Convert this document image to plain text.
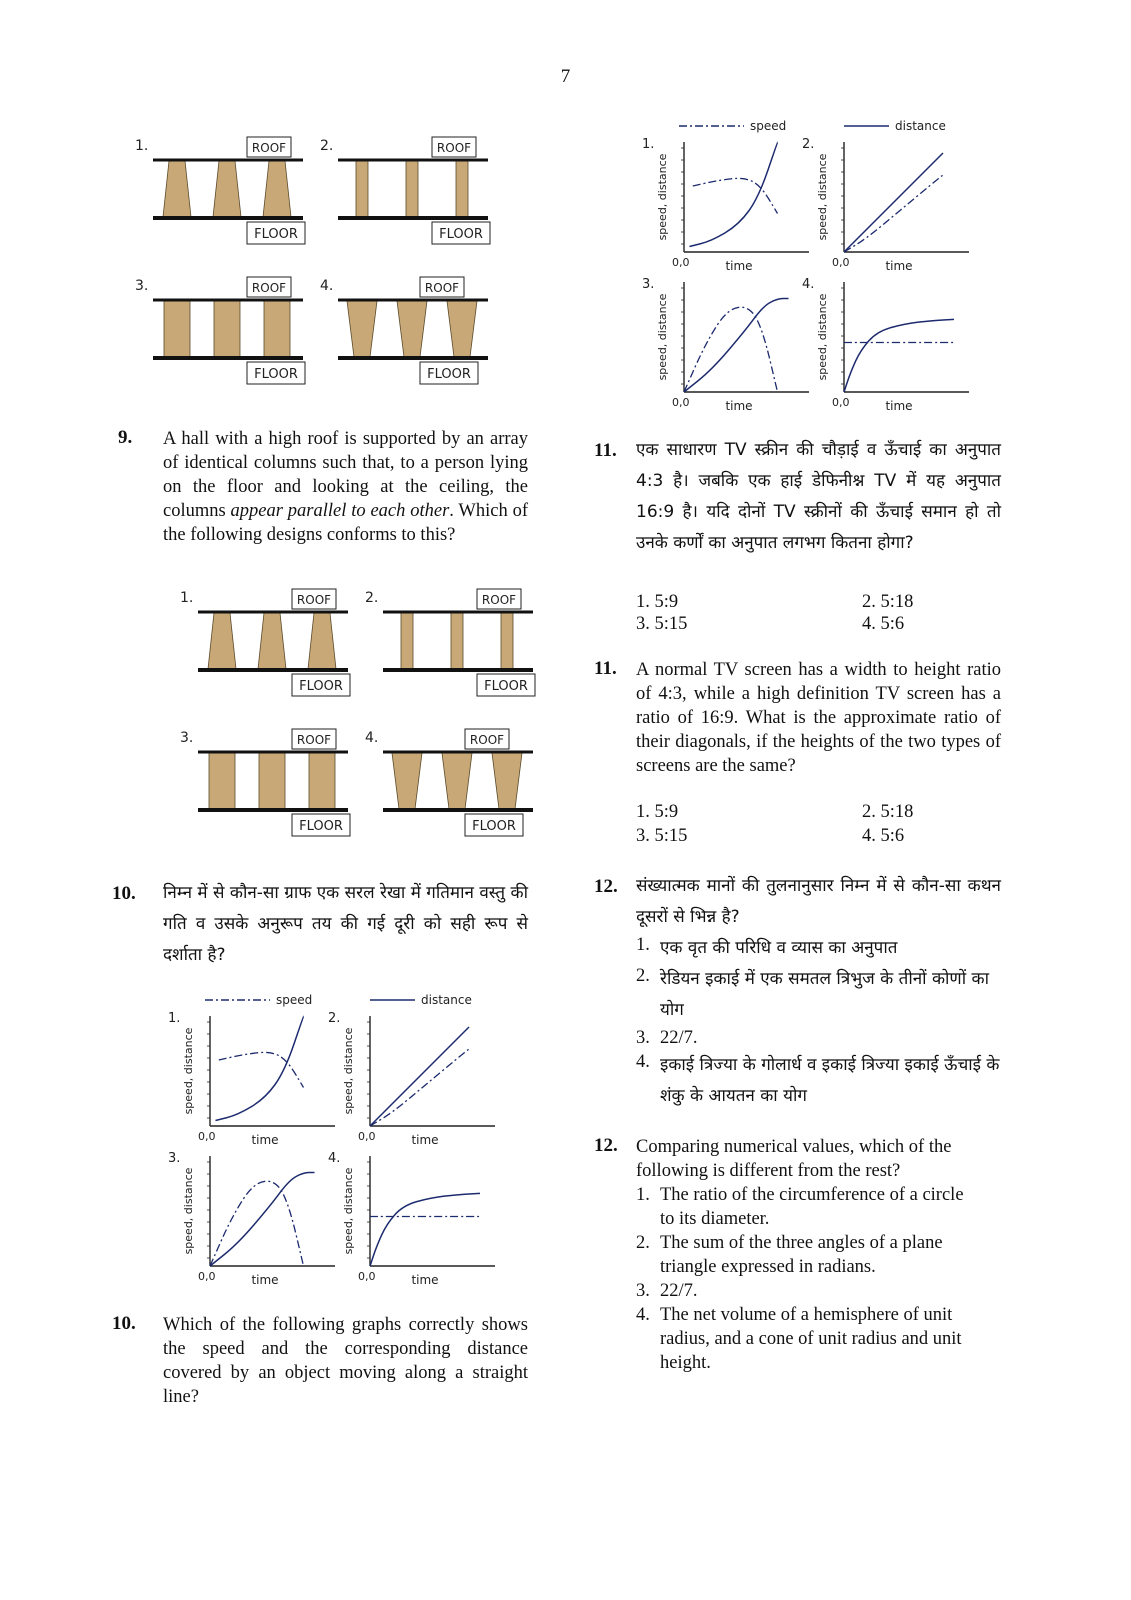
7
1.	ROOF
FLOOR
2.	ROOF
FLOOR
3.	ROOF
FLOOR
4.	ROOF
FLOOR
1.	ROOF
FLOOR
2.	ROOF
FLOOR
3.	ROOF
FLOOR
4.	ROOF
FLOOR
speed	distance
1.
speed, distance
0,0	time
2.
speed, distance
0,0	time
3.
speed, distance
0,0	time
4.
speed, distance
0,0	time
speed	distance
1.
speed, distance
0,0	time
2.
speed, distance
0,0	time
3.
speed, distance
0,0	time
4.
speed, distance
0,0	time
9. A hall with a high roof is supported by an array of identical columns such that, to a person lying on the floor and looking at the ceiling, the columns appear parallel to each other. Which of the following designs conforms to this?
10. निम्न में से कौन-सा ग्राफ एक सरल रेखा में गतिमान वस्तु की गति व उसके अनुरूप तय की गई दूरी को सही रूप से दर्शाता है?
10. Which of the following graphs correctly shows the speed and the corresponding distance covered by an object moving along a straight line?
11. एक साधारण TV स्क्रीन की चौड़ाई व ऊँचाई का अनुपात 4:3 है। जबकि एक हाई डेफिनीश्न TV में यह अनुपात 16:9 है। यदि दोनों TV स्क्रीनों की ऊँचाई समान हो तो उनके कर्णों का अनुपात लगभग कितना होगा?
1. 5:9	2. 5:18
3. 5:15	4. 5:6
11. A normal TV screen has a width to height ratio of 4:3, while a high definition TV screen has a ratio of 16:9. What is the approximate ratio of their diagonals, if the heights of the two types of screens are the same?
1. 5:9	2. 5:18
3. 5:15	4. 5:6
12. संख्यात्मक मानों की तुलनानुसार निम्न में से कौन-सा कथन दूसरों से भिन्न है?
1. एक वृत की परिधि व व्यास का अनुपात
2. रेडियन इकाई में एक समतल त्रिभुज के तीनों कोणों का योग
3. 22/7.
4. इकाई त्रिज्या के गोलार्ध व इकाई त्रिज्या इकाई ऊँचाई के शंकु के आयतन का योग
12. Comparing numerical values, which of the following is different from the rest?
1. The ratio of the circumference of a circle to its diameter.
2. The sum of the three angles of a plane triangle expressed in radians.
3. 22/7.
4. The net volume of a hemisphere of unit radius, and a cone of unit radius and unit height.
